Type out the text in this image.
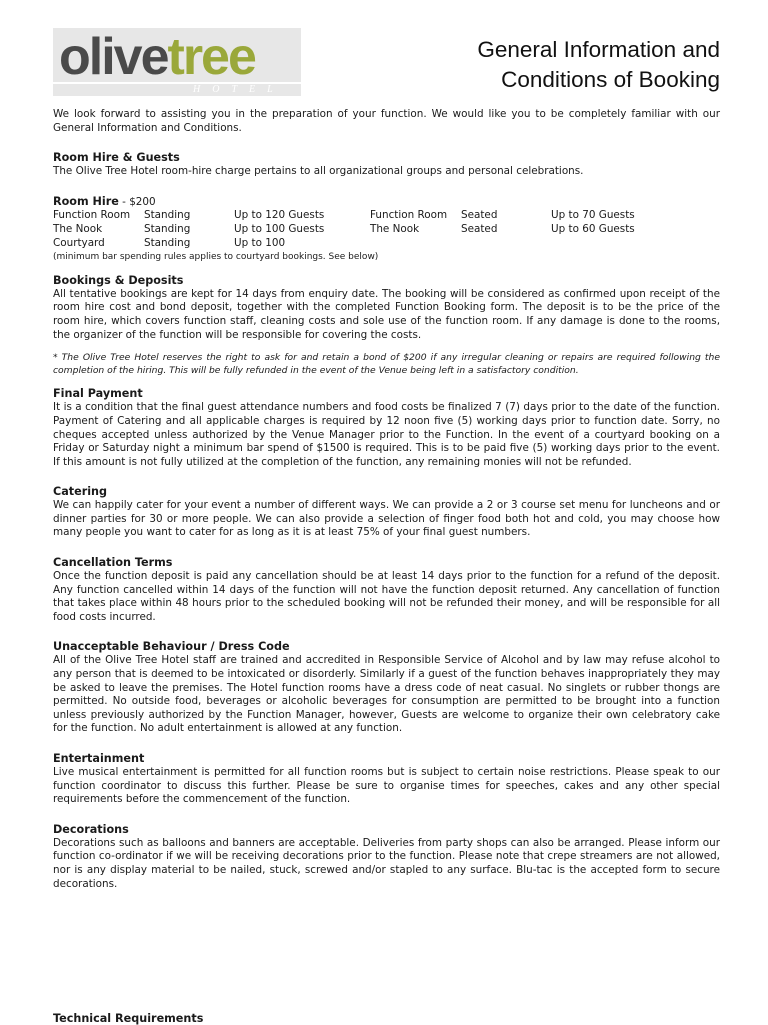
olivetree
HOTEL
General Information and
Conditions of Booking

We look forward to assisting you in the preparation of your function. We would like you to be completely familiar with our General Information and Conditions.

Room Hire & Guests

The Olive Tree Hotel room-hire charge pertains to all organizational groups and personal celebrations.

Room Hire - $200
Function Room	Standing	Up to 120 Guests	Function Room	Seated	Up to 70 Guests
The Nook	Standing	Up to 100 Guests	The Nook	Seated	Up to 60 Guests
Courtyard	Standing	Up to 100			
(minimum bar spending rules applies to courtyard bookings. See below)
Bookings & Deposits

All tentative bookings are kept for 14 days from enquiry date. The booking will be considered as confirmed upon receipt of the room hire cost and bond deposit, together with the completed Function Booking form. The deposit is to be the price of the room hire, which covers function staff, cleaning costs and sole use of the function room. If any damage is done to the rooms, the organizer of the function will be responsible for covering the costs.

* The Olive Tree Hotel reserves the right to ask for and retain a bond of $200 if any irregular cleaning or repairs are required following the completion of the hiring. This will be fully refunded in the event of the Venue being left in a satisfactory condition.

Final Payment

It is a condition that the final guest attendance numbers and food costs be finalized 7 (7) days prior to the date of the function. Payment of Catering and all applicable charges is required by 12 noon five (5) working days prior to function date. Sorry, no cheques accepted unless authorized by the Venue Manager prior to the Function. In the event of a courtyard booking on a Friday or Saturday night a minimum bar spend of $1500 is required. This is to be paid five (5) working days prior to the event. If this amount is not fully utilized at the completion of the function, any remaining monies will not be refunded.

Catering

We can happily cater for your event a number of different ways. We can provide a 2 or 3 course set menu for luncheons and or dinner parties for 30 or more people. We can also provide a selection of finger food both hot and cold, you may choose how many people you want to cater for as long as it is at least 75% of your final guest numbers.

Cancellation Terms

Once the function deposit is paid any cancellation should be at least 14 days prior to the function for a refund of the deposit. Any function cancelled within 14 days of the function will not have the function deposit returned. Any cancellation of function that takes place within 48 hours prior to the scheduled booking will not be refunded their money, and will be responsible for all food costs incurred.

Unacceptable Behaviour / Dress Code

All of the Olive Tree Hotel staff are trained and accredited in Responsible Service of Alcohol and by law may refuse alcohol to any person that is deemed to be intoxicated or disorderly. Similarly if a guest of the function behaves inappropriately they may be asked to leave the premises. The Hotel function rooms have a dress code of neat casual. No singlets or rubber thongs are permitted. No outside food, beverages or alcoholic beverages for consumption are permitted to be brought into a function unless previously authorized by the Function Manager, however, Guests are welcome to organize their own celebratory cake for the function. No adult entertainment is allowed at any function.

Entertainment

Live musical entertainment is permitted for all function rooms but is subject to certain noise restrictions. Please speak to our function coordinator to discuss this further. Please be sure to organise times for speeches, cakes and any other special requirements before the commencement of the function.

Decorations

Decorations such as balloons and banners are acceptable. Deliveries from party shops can also be arranged. Please inform our function co-ordinator if we will be receiving decorations prior to the function. Please note that crepe streamers are not allowed, nor is any display material to be nailed, stuck, screwed and/or stapled to any surface. Blu-tac is the accepted form to secure decorations.

Technical Requirements
